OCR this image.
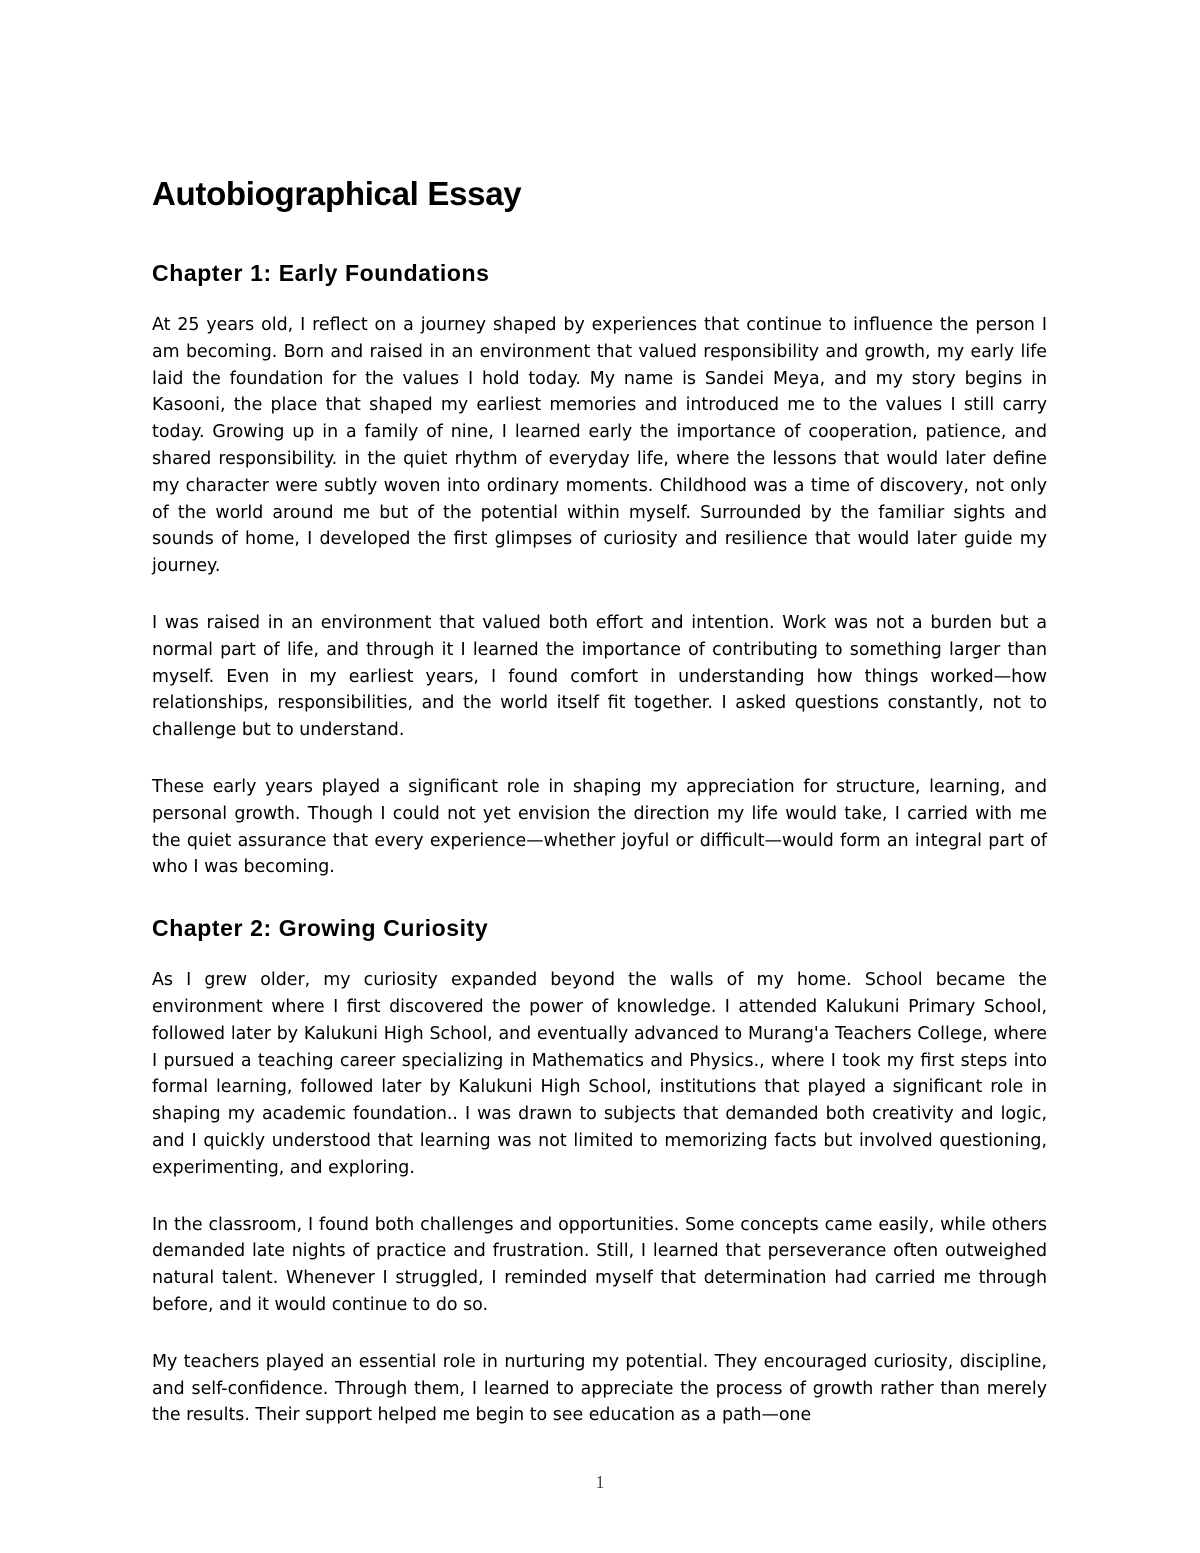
Autobiographical Essay
Chapter 1: Early Foundations

At 25 years old, I reflect on a journey shaped by experiences that continue to influence the person I am becoming. Born and raised in an environment that valued responsibility and growth, my early life laid the foundation for the values I hold today. My name is Sandei Meya, and my story begins in Kasooni, the place that shaped my earliest memories and introduced me to the values I still carry today. Growing up in a family of nine, I learned early the importance of cooperation, patience, and shared responsibility. in the quiet rhythm of everyday life, where the lessons that would later define my character were subtly woven into ordinary moments. Childhood was a time of discovery, not only of the world around me but of the potential within myself. Surrounded by the familiar sights and sounds of home, I developed the first glimpses of curiosity and resilience that would later guide my journey.

I was raised in an environment that valued both effort and intention. Work was not a burden but a normal part of life, and through it I learned the importance of contributing to something larger than myself. Even in my earliest years, I found comfort in understanding how things worked—how relationships, responsibilities, and the world itself fit together. I asked questions constantly, not to challenge but to understand.

These early years played a significant role in shaping my appreciation for structure, learning, and personal growth. Though I could not yet envision the direction my life would take, I carried with me the quiet assurance that every experience—whether joyful or difficult—would form an integral part of who I was becoming.

Chapter 2: Growing Curiosity

As I grew older, my curiosity expanded beyond the walls of my home. School became the environment where I first discovered the power of knowledge. I attended Kalukuni Primary School, followed later by Kalukuni High School, and eventually advanced to Murang'a Teachers College, where I pursued a teaching career specializing in Mathematics and Physics., where I took my first steps into formal learning, followed later by Kalukuni High School, institutions that played a significant role in shaping my academic foundation.. I was drawn to subjects that demanded both creativity and logic, and I quickly understood that learning was not limited to memorizing facts but involved questioning, experimenting, and exploring.

In the classroom, I found both challenges and opportunities. Some concepts came easily, while others demanded late nights of practice and frustration. Still, I learned that perseverance often outweighed natural talent. Whenever I struggled, I reminded myself that determination had carried me through before, and it would continue to do so.

My teachers played an essential role in nurturing my potential. They encouraged curiosity, discipline, and self-confidence. Through them, I learned to appreciate the process of growth rather than merely the results. Their support helped me begin to see education as a path—one

1
